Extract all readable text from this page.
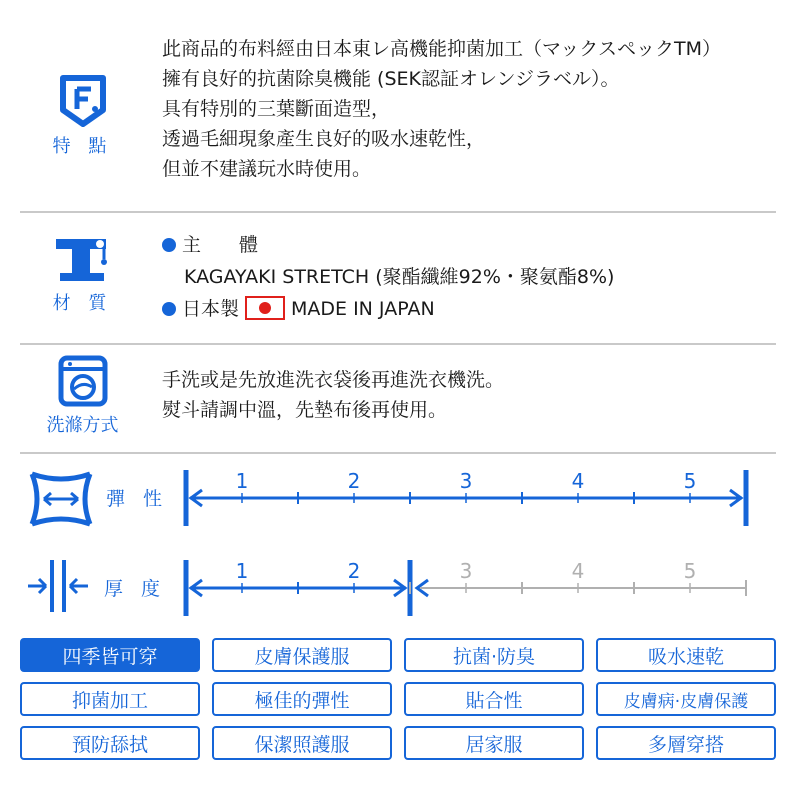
特 點
此商品的布料經由日本東レ高機能抑菌加工（マックスペックTM）
擁有良好的抗菌除臭機能 (SEK認証オレンジラベル）。
具有特別的三葉斷面造型，
透過毛細現象產生良好的吸水速乾性，
但並不建議玩水時使用。
材 質
主　　體
KAGAYAKI STRETCH (聚酯纖維92%・聚氨酯8%)
日本製	MADE IN JAPAN
洗滌方式
手洗或是先放進洗衣袋後再進洗衣機洗。
熨斗請調中溫，先墊布後再使用。
彈 性
1	2	3	4	5
厚 度
1	2	3	4	5
四季皆可穿	皮膚保護服	抗菌·防臭	吸水速乾
抑菌加工	極佳的彈性	貼合性	皮膚病·皮膚保護
預防舔拭	保潔照護服	居家服	多層穿搭
